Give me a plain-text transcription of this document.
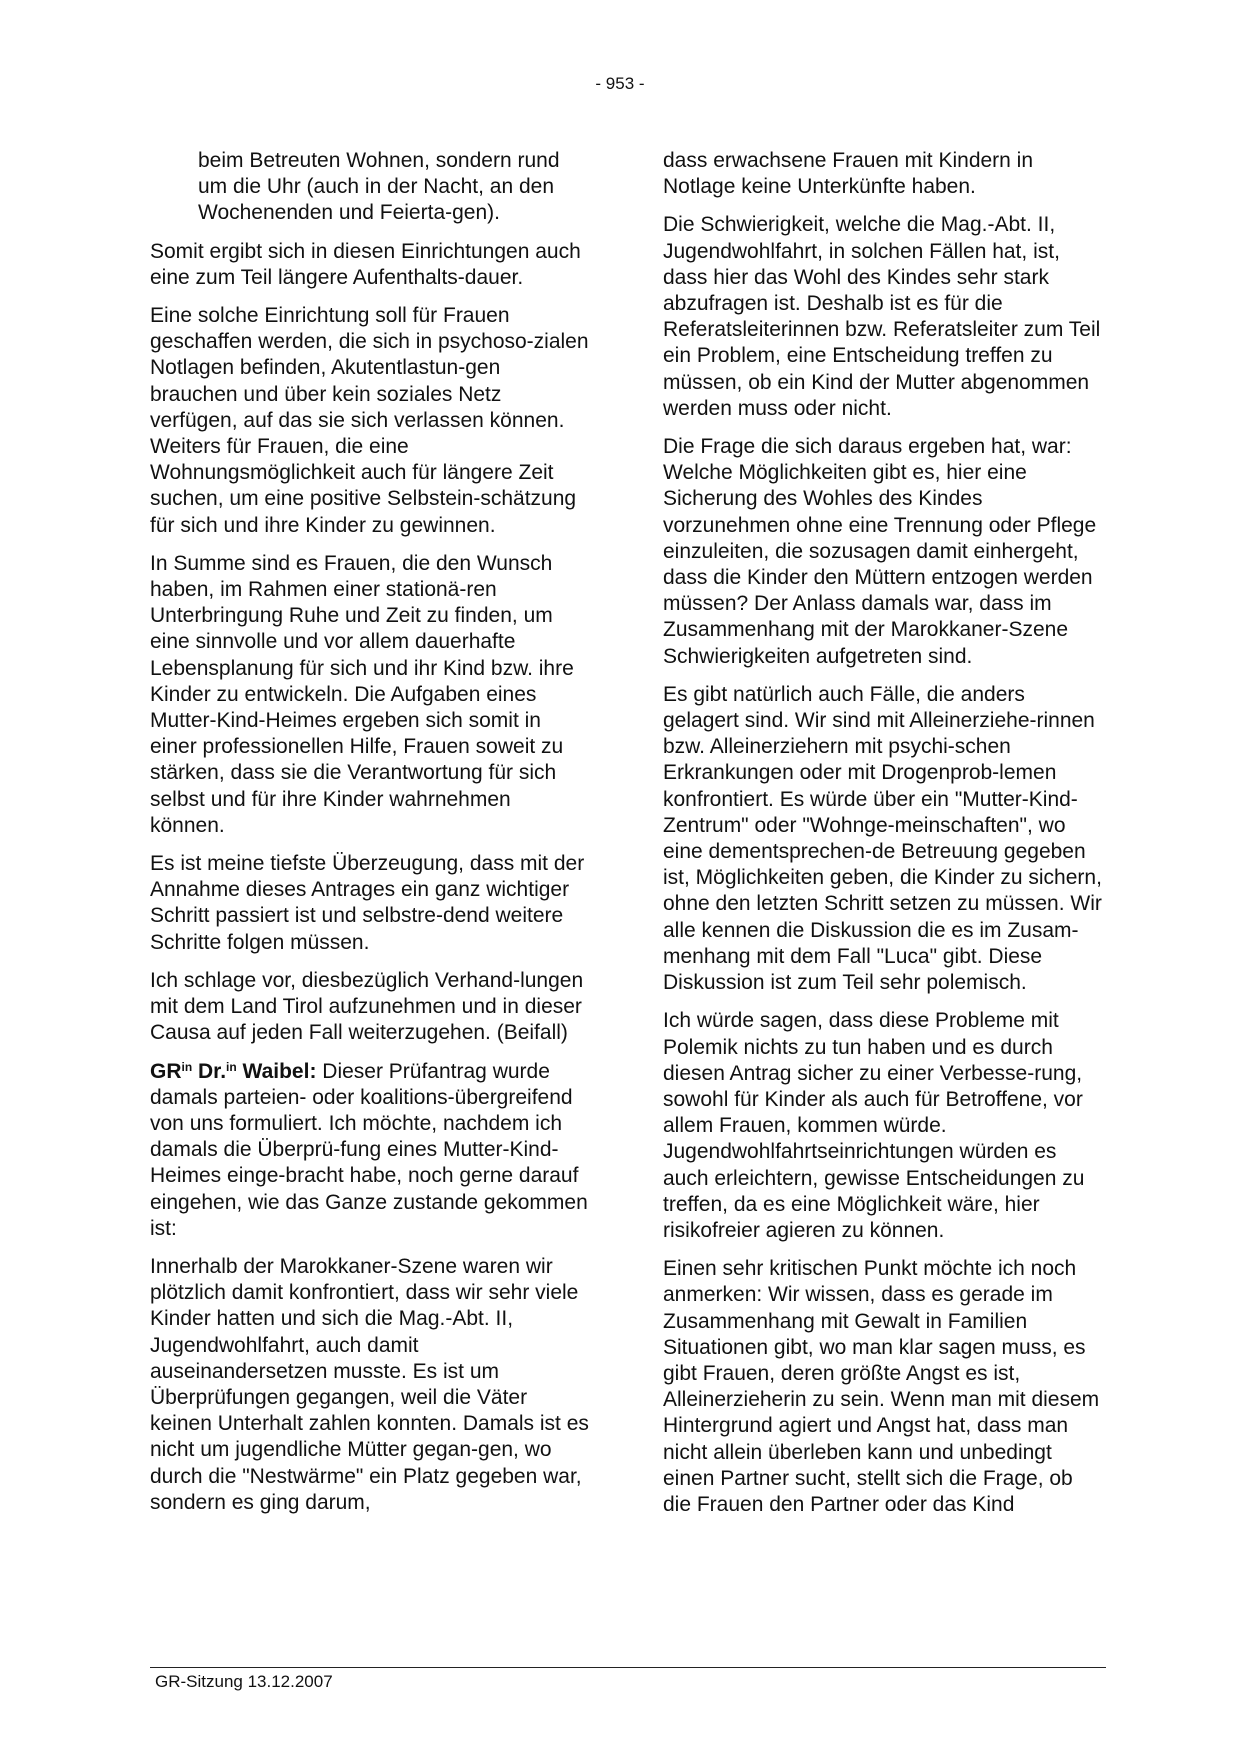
- 953 -

beim Betreuten Wohnen, sondern rund um die Uhr (auch in der Nacht, an den Wochenenden und Feierta-gen).

Somit ergibt sich in diesen Einrichtungen auch eine zum Teil längere Aufenthalts-dauer.

Eine solche Einrichtung soll für Frauen geschaffen werden, die sich in psychoso-zialen Notlagen befinden, Akutentlastun-gen brauchen und über kein soziales Netz verfügen, auf das sie sich verlassen können. Weiters für Frauen, die eine Wohnungsmöglichkeit auch für längere Zeit suchen, um eine positive Selbstein-schätzung für sich und ihre Kinder zu gewinnen.

In Summe sind es Frauen, die den Wunsch haben, im Rahmen einer stationä-ren Unterbringung Ruhe und Zeit zu finden, um eine sinnvolle und vor allem dauerhafte Lebensplanung für sich und ihr Kind bzw. ihre Kinder zu entwickeln. Die Aufgaben eines Mutter-Kind-Heimes ergeben sich somit in einer professionellen Hilfe, Frauen soweit zu stärken, dass sie die Verantwortung für sich selbst und für ihre Kinder wahrnehmen können.

Es ist meine tiefste Überzeugung, dass mit der Annahme dieses Antrages ein ganz wichtiger Schritt passiert ist und selbstre-dend weitere Schritte folgen müssen.

Ich schlage vor, diesbezüglich Verhand-lungen mit dem Land Tirol aufzunehmen und in dieser Causa auf jeden Fall weiterzugehen. (Beifall)

$GR^{in}$ Dr.$^{in}$ Waibel: Dieser Prüfantrag wurde damals parteien- oder koalitions-übergreifend von uns formuliert. Ich möchte, nachdem ich damals die Überprü-fung eines Mutter-Kind-Heimes einge-bracht habe, noch gerne darauf eingehen, wie das Ganze zustande gekommen ist:

Innerhalb der Marokkaner-Szene waren wir plötzlich damit konfrontiert, dass wir sehr viele Kinder hatten und sich die Mag.-Abt. II, Jugendwohlfahrt, auch damit auseinandersetzen musste. Es ist um Überprüfungen gegangen, weil die Väter keinen Unterhalt zahlen konnten. Damals ist es nicht um jugendliche Mütter gegan-gen, wo durch die "Nestwärme" ein Platz gegeben war, sondern es ging darum,

dass erwachsene Frauen mit Kindern in Notlage keine Unterkünfte haben.

Die Schwierigkeit, welche die Mag.-Abt. II, Jugendwohlfahrt, in solchen Fällen hat, ist, dass hier das Wohl des Kindes sehr stark abzufragen ist. Deshalb ist es für die Referatsleiterinnen bzw. Referatsleiter zum Teil ein Problem, eine Entscheidung treffen zu müssen, ob ein Kind der Mutter abgenommen werden muss oder nicht.

Die Frage die sich daraus ergeben hat, war: Welche Möglichkeiten gibt es, hier eine Sicherung des Wohles des Kindes vorzunehmen ohne eine Trennung oder Pflege einzuleiten, die sozusagen damit einhergeht, dass die Kinder den Müttern entzogen werden müssen? Der Anlass damals war, dass im Zusammenhang mit der Marokkaner-Szene Schwierigkeiten aufgetreten sind.

Es gibt natürlich auch Fälle, die anders gelagert sind. Wir sind mit Alleinerziehe-rinnen bzw. Alleinerziehern mit psychi-schen Erkrankungen oder mit Drogenprob-lemen konfrontiert. Es würde über ein "Mutter-Kind-Zentrum" oder "Wohnge-meinschaften", wo eine dementsprechen-de Betreuung gegeben ist, Möglichkeiten geben, die Kinder zu sichern, ohne den letzten Schritt setzen zu müssen. Wir alle kennen die Diskussion die es im Zusam-menhang mit dem Fall "Luca" gibt. Diese Diskussion ist zum Teil sehr polemisch.

Ich würde sagen, dass diese Probleme mit Polemik nichts zu tun haben und es durch diesen Antrag sicher zu einer Verbesse-rung, sowohl für Kinder als auch für Betroffene, vor allem Frauen, kommen würde. Jugendwohlfahrtseinrichtungen würden es auch erleichtern, gewisse Entscheidungen zu treffen, da es eine Möglichkeit wäre, hier risikofreier agieren zu können.

Einen sehr kritischen Punkt möchte ich noch anmerken: Wir wissen, dass es gerade im Zusammenhang mit Gewalt in Familien Situationen gibt, wo man klar sagen muss, es gibt Frauen, deren größte Angst es ist, Alleinerzieherin zu sein. Wenn man mit diesem Hintergrund agiert und Angst hat, dass man nicht allein überleben kann und unbedingt einen Partner sucht, stellt sich die Frage, ob die Frauen den Partner oder das Kind

GR-Sitzung 13.12.2007
